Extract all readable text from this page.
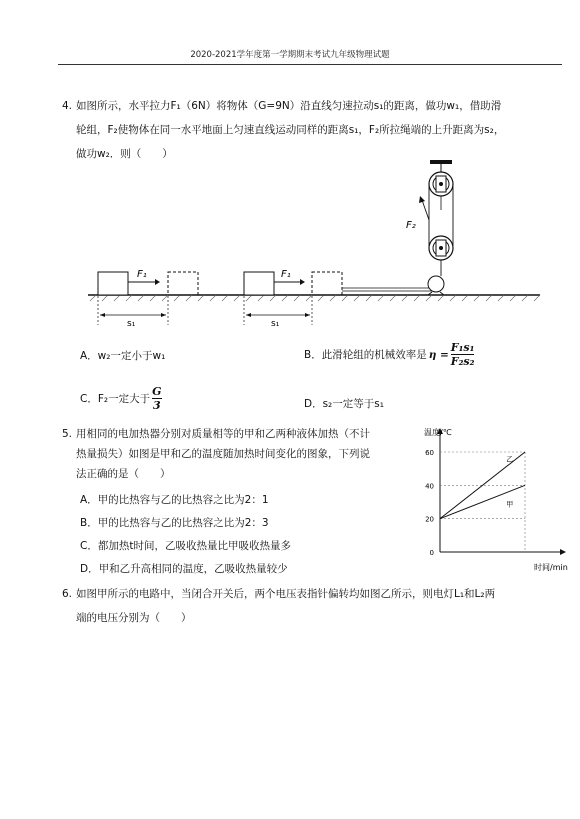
2020-2021学年度第一学期期末考试九年级物理试题
4. 如图所示，水平拉力F₁（6N）将物体（G=9N）沿直线匀速拉动s₁的距离，做功w₁，借助滑
轮组，F₂使物体在同一水平地面上匀速直线运动同样的距离s₁，F₂所拉绳端的上升距离为s₂，
做功w₂．则（　　）
F₁
s₁
F₁
s₁
F₂
A．w₂一定小于w₁	B．此滑轮组的机械效率是 $\eta = \frac{\text{F₁s₁}}{\text{F₂s₂}}$
C．F₂一定大于 $\frac{G}{3}$	D．s₂一定等于s₁
5. 用相同的电加热器分别对质量相等的甲和乙两种液体加热（不计
热量损失）如图是甲和乙的温度随加热时间变化的图象，下列说
法正确的是（　　）
A．甲的比热容与乙的比热容之比为2：1
B．甲的比热容与乙的比热容之比为2：3
C．都加热t时间，乙吸收热量比甲吸收热量多
D．甲和乙升高相同的温度，乙吸收热量较少
温度/℃
时间/min
0
20
40
60
乙
甲
6. 如图甲所示的电路中，当闭合开关后，两个电压表指针偏转均如图乙所示，则电灯L₁和L₂两
端的电压分别为（　　）
